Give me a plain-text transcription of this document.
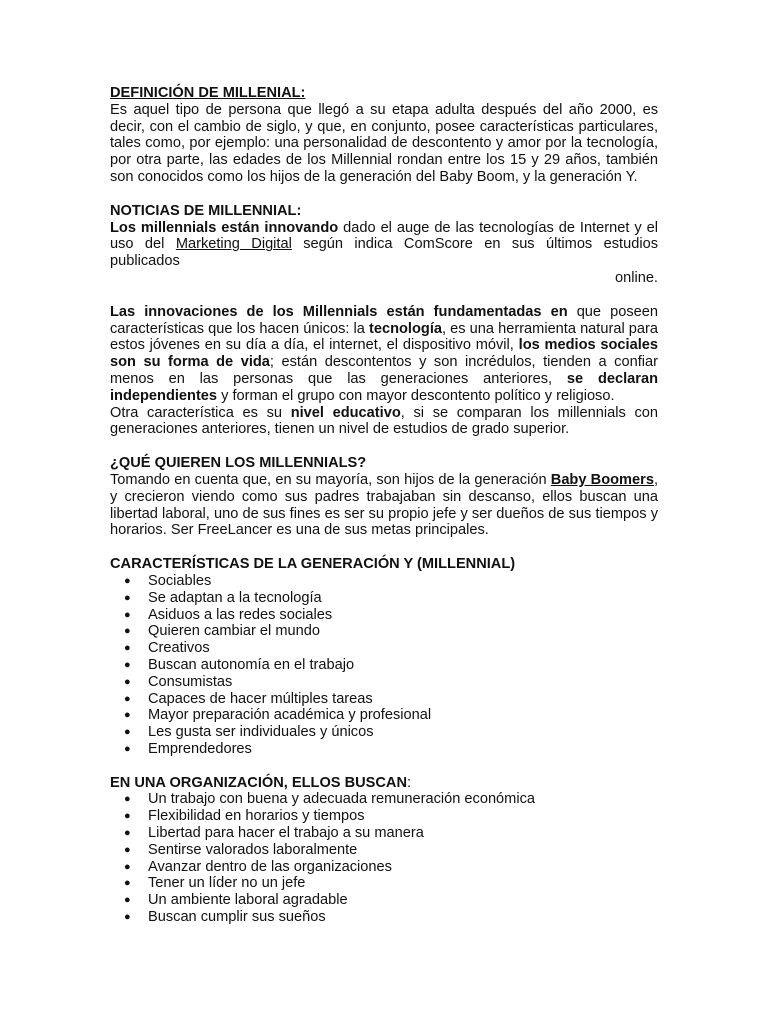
DEFINICIÓN DE MILLENIAL:

Es aquel tipo de persona que llegó a su etapa adulta después del año 2000, es decir, con el cambio de siglo, y que, en conjunto, posee características particulares, tales como, por ejemplo: una personalidad de descontento y amor por la tecnología, por otra parte, las edades de los Millennial rondan entre los 15 y 29 años, también son conocidos como los hijos de la generación del Baby Boom, y la generación Y.

NOTICIAS DE MILLENNIAL:

Los millennials están innovando dado el auge de las tecnologías de Internet y el uso del Marketing Digital según indica ComScore en sus últimos estudios publicados
online.

Las innovaciones de los Millennials están fundamentadas en que poseen características que los hacen únicos: la tecnología, es una herramienta natural para estos jóvenes en su día a día, el internet, el dispositivo móvil, los medios sociales son su forma de vida; están descontentos y son incrédulos, tienden a confiar menos en las personas que las generaciones anteriores, se declaran independientes y forman el grupo con mayor descontento político y religioso.

Otra característica es su nivel educativo, si se comparan los millennials con generaciones anteriores, tienen un nivel de estudios de grado superior.

¿QUÉ QUIEREN LOS MILLENNIALS?

Tomando en cuenta que, en su mayoría, son hijos de la generación Baby Boomers, y crecieron viendo como sus padres trabajaban sin descanso, ellos buscan una libertad laboral, uno de sus fines es ser su propio jefe y ser dueños de sus tiempos y horarios. Ser FreeLancer es una de sus metas principales.

CARACTERÍSTICAS DE LA GENERACIÓN Y (MILLENNIAL)
●	Sociables
●	Se adaptan a la tecnología
●	Asiduos a las redes sociales
●	Quieren cambiar el mundo
●	Creativos
●	Buscan autonomía en el trabajo
●	Consumistas
●	Capaces de hacer múltiples tareas
●	Mayor preparación académica y profesional
●	Les gusta ser individuales y únicos
●	Emprendedores
EN UNA ORGANIZACIÓN, ELLOS BUSCAN:
●	Un trabajo con buena y adecuada remuneración económica
●	Flexibilidad en horarios y tiempos
●	Libertad para hacer el trabajo a su manera
●	Sentirse valorados laboralmente
●	Avanzar dentro de las organizaciones
●	Tener un líder no un jefe
●	Un ambiente laboral agradable
●	Buscan cumplir sus sueños
